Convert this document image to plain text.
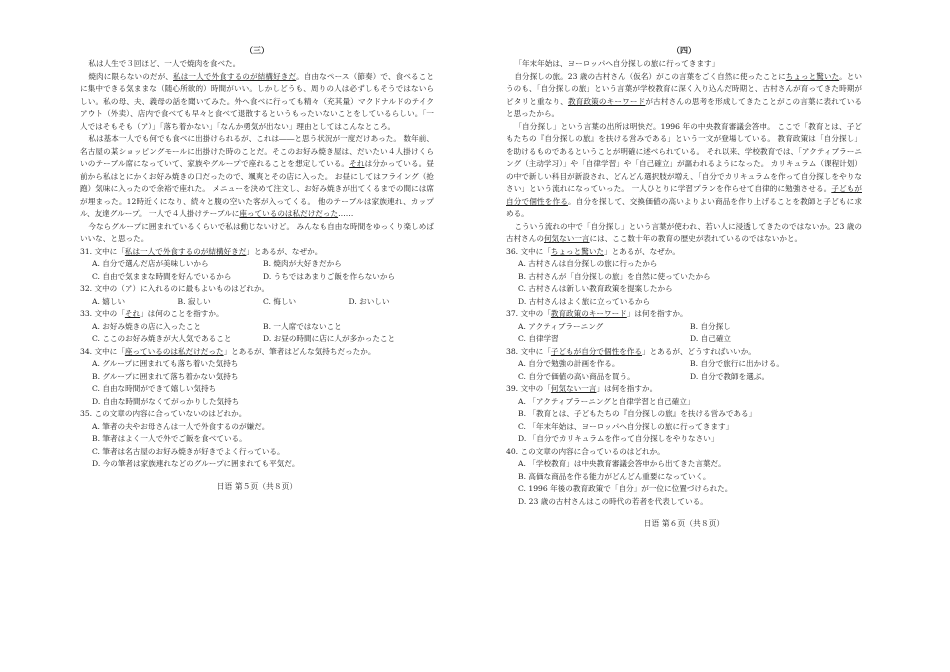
（三）

私は人生で３回ほど、一人で焼肉を食べた。

焼肉に限らないのだが、私は一人で外食するのが結構好きだ。自由なペース（節奏）で、食べることに集中できる気ままな（随心所欲的）時間がいい。しかしどうも、周りの人は必ずしもそうではないらしい。私の母、夫、義母の話を聞いてみた。外へ食べに行っても精々（充其量）マクドナルドのテイクアウト（外卖）、店内で食べても早々と食べて退散するというもったいないことをしているらしい。「一人ではそもそも（ア）」「落ち着かない」「なんか勇気が出ない」理由としてはこんなところ。

私は基本一人でも何でも食べに出掛けられるが、これは――と思う状況が一度だけあった。 数年前、名古屋の某ショッピングモールに出掛けた時のことだ。そこのお好み焼き屋は、だいたい４人掛けくらいのテーブル席になっていて、家族やグループで座れることを想定している。それは分かっている。昼前から私はとにかくお好み焼きの口だったので、颯爽とその店に入った。 お昼にしてはフライング（抢跑）気味に入ったので余裕で座れた。 メニューを決めて注文し、お好み焼きが出てくるまでの間には席が埋まった。12時近くになり、続々と腹の空いた客が入ってくる。 他のテーブルは家族連れ、カップル、友達グループ。 一人で４人掛けテーブルに座っているのは私だけだった……

今ならグループに囲まれているくらいで私は動じないけど。 みんなも自由な時間をゆっくり楽しめばいいな、と思った。

31. 文中に「私は一人で外食するのが結構好きだ」とあるが、なぜか。
A. 自分で選んだ店が美味しいから	B. 焼肉が大好きだから
C. 自由で気ままな時間を好んでいるから	D. うちではあまりご飯を作らないから
32. 文中の（ア）に入れるのに最もよいものはどれか。
A. 嬉しい	B. 寂しい	C. 悔しい	D. おいしい
33. 文中の「それ」は何のことを指すか。
A. お好み焼きの店に入ったこと	B. 一人席ではないこと
C. ここのお好み焼きが大人気であること	D. お昼の時間に店に人が多かったこと
34. 文中に「座っているのは私だけだった」とあるが、筆者はどんな気持ちだったか。
A. グループに囲まれても落ち着いた気持ち
B. グループに囲まれて落ち着かない気持ち
C. 自由な時間ができて嬉しい気持ち
D. 自由な時間がなくてがっかりした気持ち
35. この文章の内容に合っていないのはどれか。
A. 筆者の夫やお母さんは一人で外食するのが嫌だ。
B. 筆者はよく一人で外でご飯を食べている。
C. 筆者は名古屋のお好み焼きが好きでよく行っている。
D. 今の筆者は家族連れなどのグループに囲まれても平気だ。
日语 第５页（共８页）
（四）

「年末年始は、ヨーロッパへ自分探しの旅に行ってきます」

自分探しの旅。23 歳の古村さん（仮名）がこの言葉をごく自然に使ったことにちょっと驚いた。というのも、「自分探しの旅」という言葉が学校教育に深く入り込んだ時期と、古村さんが育ってきた時期がピタリと重なり、教育政策のキーワードが古村さんの思考を形成してきたことがこの言葉に表れていると思ったから。

「自分探し」という言葉の出所は明快だ。1996 年の中央教育審議会答申。 ここで「教育とは、子どもたちの『自分探しの旅』を扶ける営みである」という一文が登場している。 教育政策は「自分探し」を助けるものであるということが明確に述べられている。 それ以来、学校教育では、「アクティブラーニング（主动学习）」や「自律学習」や「自己確立」が謳われるようになった。 カリキュラム（课程计划）の中で新しい科目が新設され、どんどん選択肢が増え、「自分でカリキュラムを作って自分探しをやりなさい」という流れになっていった。 一人ひとりに学習プランを作らせて自律的に勉強させる。子どもが自分で個性を作る。自分を探して、交換価値の高いよりよい商品を作り上げることを教師と子どもに求める。

こういう流れの中で「自分探し」という言葉が使われ、若い人に浸透してきたのではないか。23 歳の古村さんの何気ない一言には、ここ数十年の教育の歴史が表れているのではないかと。

36. 文中に「ちょっと驚いた」とあるが、なぜか。
A. 古村さんは自分探しの旅に行ったから
B. 古村さんが「自分探しの旅」を自然に使っていたから
C. 古村さんは新しい教育政策を提案したから
D. 古村さんはよく旅に立っているから
37. 文中の「教育政策のキーワード」は何を指すか。
A. アクティブラーニング	B. 自分探し
C. 自律学習	D. 自己確立
38. 文中に「子どもが自分で個性を作る」とあるが、どうすればいいか。
A. 自分で勉強の計画を作る。	B. 自分で旅行に出かける。
C. 自分で価値の高い商品を買う。	D. 自分で教師を選ぶ。
39. 文中の「何気ない一言」は何を指すか。
A. 「アクティブラーニングと自律学習と自己確立」
B. 「教育とは、子どもたちの『自分探しの旅』を扶ける営みである」
C. 「年末年始は、ヨーロッパへ自分探しの旅に行ってきます」
D. 「自分でカリキュラムを作って自分探しをやりなさい」
40. この文章の内容に合っているのはどれか。
A. 「学校教育」は中央教育審議会答申から出てきた言葉だ。
B. 高価な商品を作る能力がどんどん重要になっていく。
C. 1996 年後の教育政策で「自分」が一位に位置づけられた。
D. 23 歳の古村さんはこの時代の若者を代表している。
日语 第６页（共８页）
